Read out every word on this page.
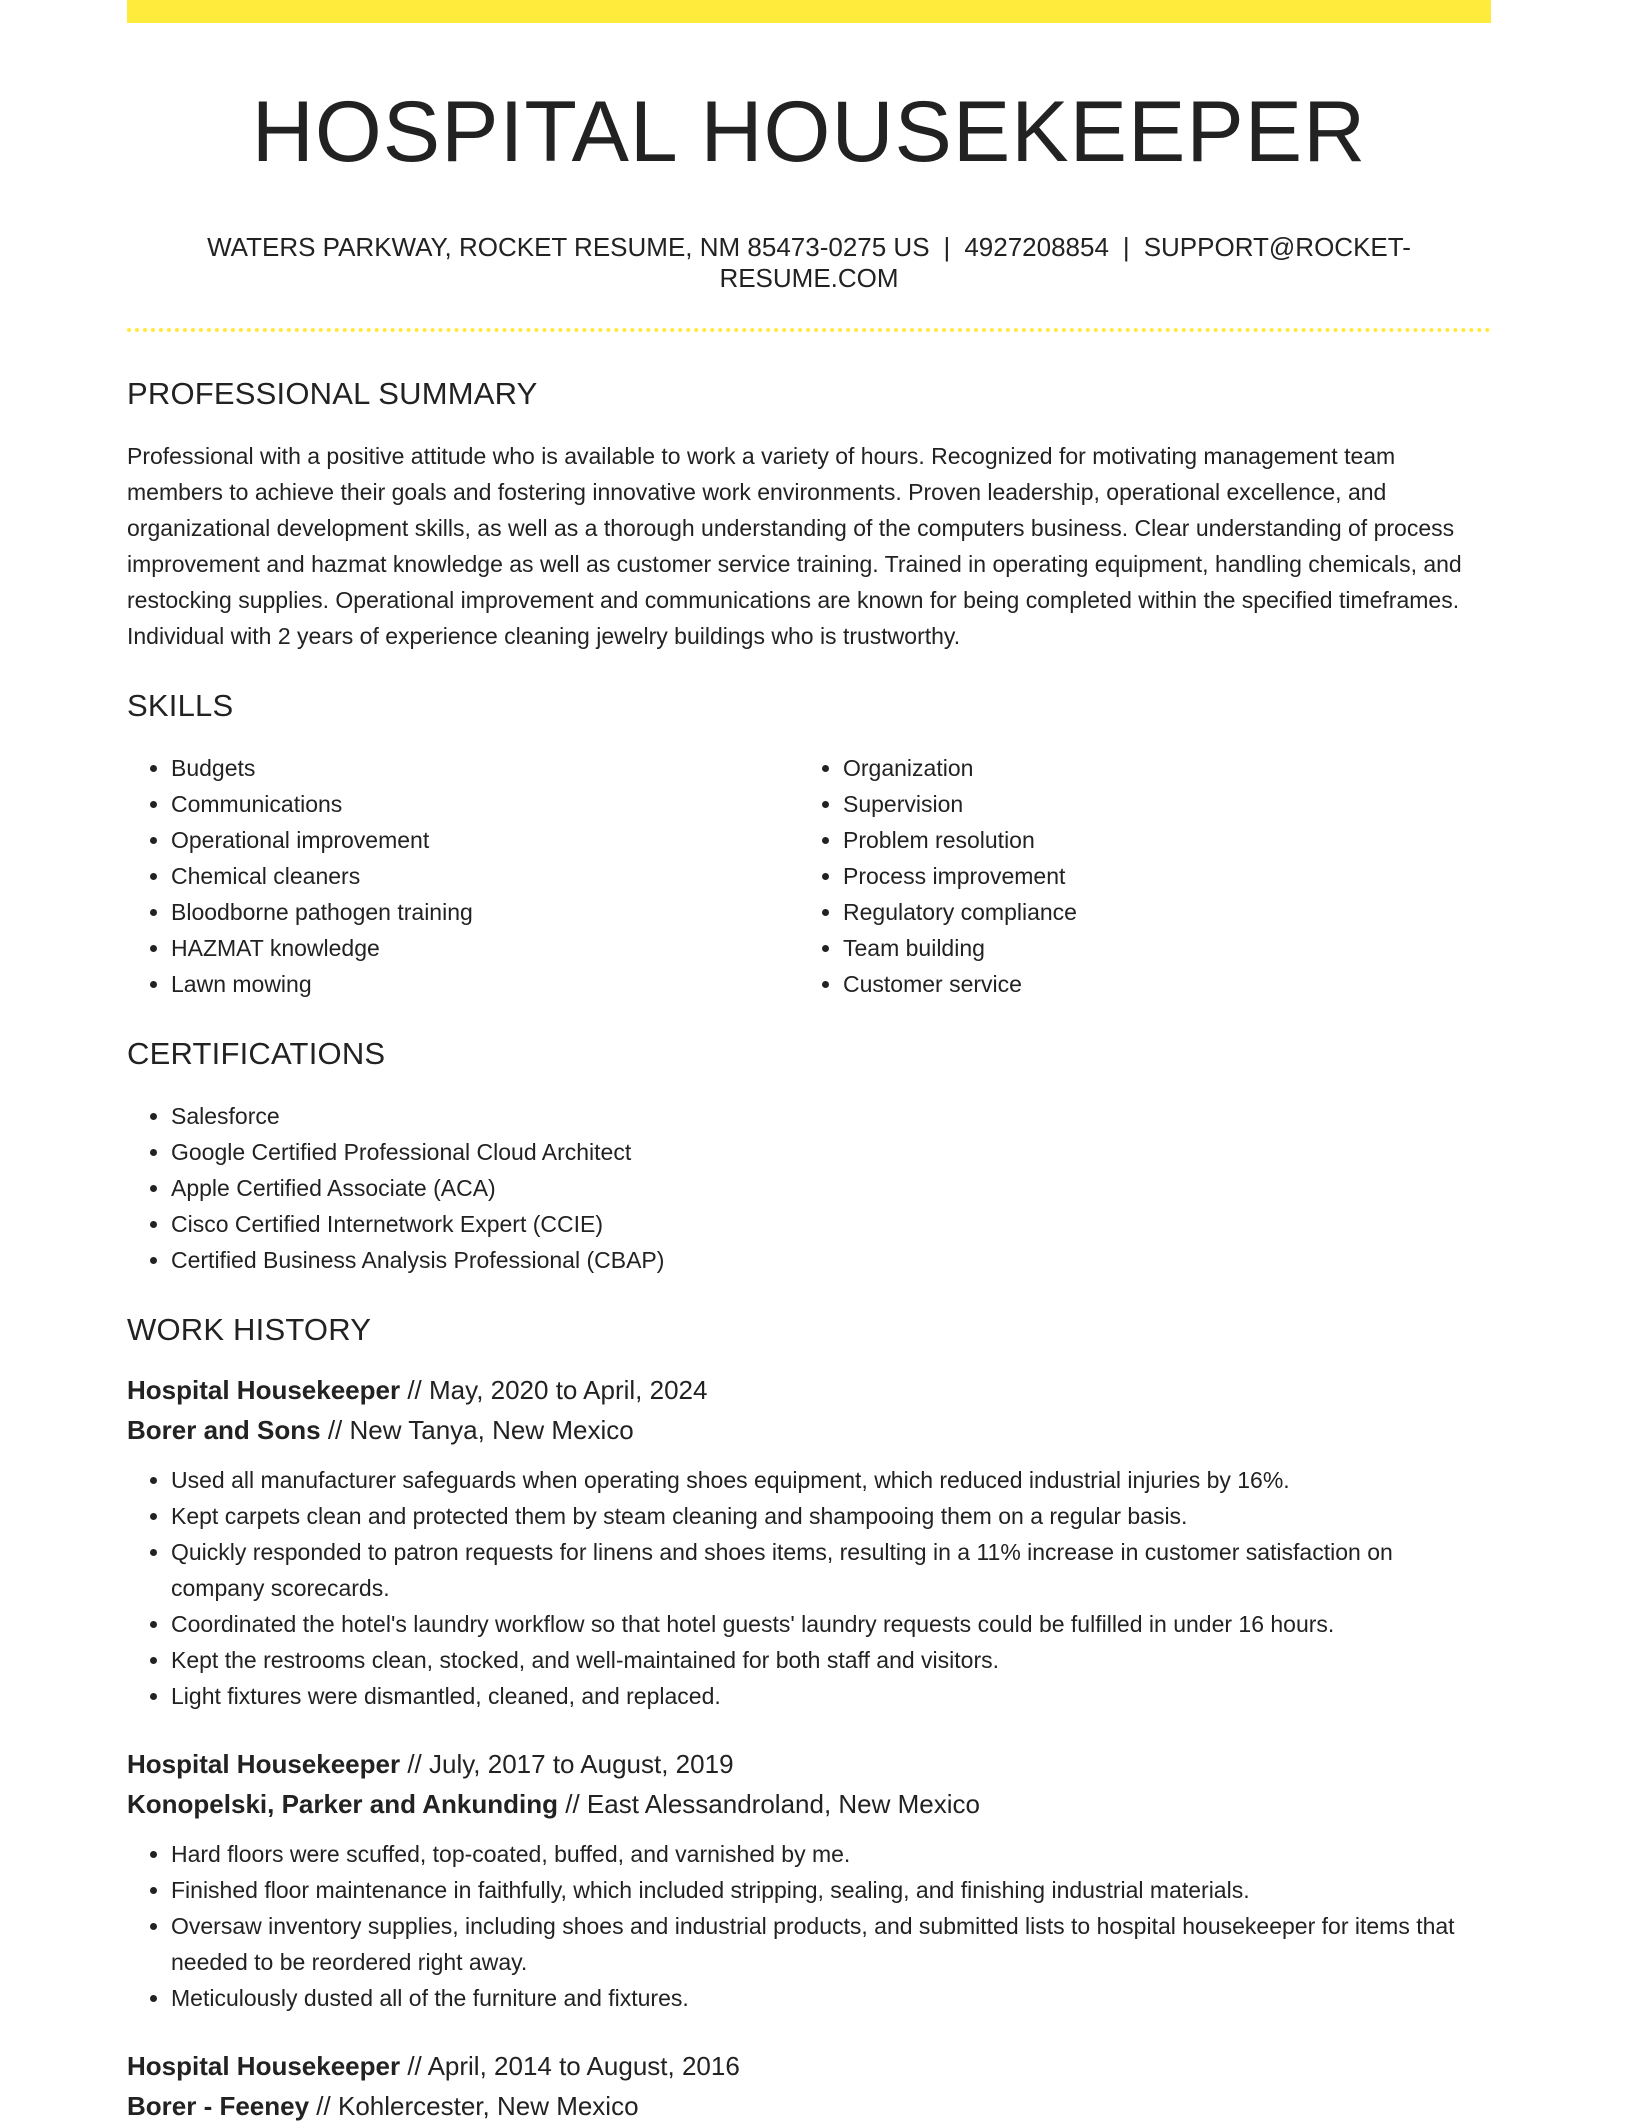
HOSPITAL HOUSEKEEPER
WATERS PARKWAY, ROCKET RESUME, NM 85473-0275 US | 4927208854 | SUPPORT@ROCKET-RESUME.COM
PROFESSIONAL SUMMARY

Professional with a positive attitude who is available to work a variety of hours. Recognized for motivating management team members to achieve their goals and fostering innovative work environments. Proven leadership, operational excellence, and organizational development skills, as well as a thorough understanding of the computers business. Clear understanding of process improvement and hazmat knowledge as well as customer service training. Trained in operating equipment, handling chemicals, and restocking supplies. Operational improvement and communications are known for being completed within the specified timeframes. Individual with 2 years of experience cleaning jewelry buildings who is trustworthy.

SKILLS
• Budgets
• Communications
• Operational improvement
• Chemical cleaners
• Bloodborne pathogen training
• HAZMAT knowledge
• Lawn mowing
• Organization
• Supervision
• Problem resolution
• Process improvement
• Regulatory compliance
• Team building
• Customer service
CERTIFICATIONS
• Salesforce
• Google Certified Professional Cloud Architect
• Apple Certified Associate (ACA)
• Cisco Certified Internetwork Expert (CCIE)
• Certified Business Analysis Professional (CBAP)
WORK HISTORY
Hospital Housekeeper // May, 2020 to April, 2024
Borer and Sons // New Tanya, New Mexico
• Used all manufacturer safeguards when operating shoes equipment, which reduced industrial injuries by 16%.
• Kept carpets clean and protected them by steam cleaning and shampooing them on a regular basis.
• Quickly responded to patron requests for linens and shoes items, resulting in a 11% increase in customer satisfaction on company scorecards.
• Coordinated the hotel's laundry workflow so that hotel guests' laundry requests could be fulfilled in under 16 hours.
• Kept the restrooms clean, stocked, and well-maintained for both staff and visitors.
• Light fixtures were dismantled, cleaned, and replaced.
Hospital Housekeeper // July, 2017 to August, 2019
Konopelski, Parker and Ankunding // East Alessandroland, New Mexico
• Hard floors were scuffed, top-coated, buffed, and varnished by me.
• Finished floor maintenance in faithfully, which included stripping, sealing, and finishing industrial materials.
• Oversaw inventory supplies, including shoes and industrial products, and submitted lists to hospital housekeeper for items that needed to be reordered right away.
• Meticulously dusted all of the furniture and fixtures.
Hospital Housekeeper // April, 2014 to August, 2016
Borer - Feeney // Kohlercester, New Mexico
